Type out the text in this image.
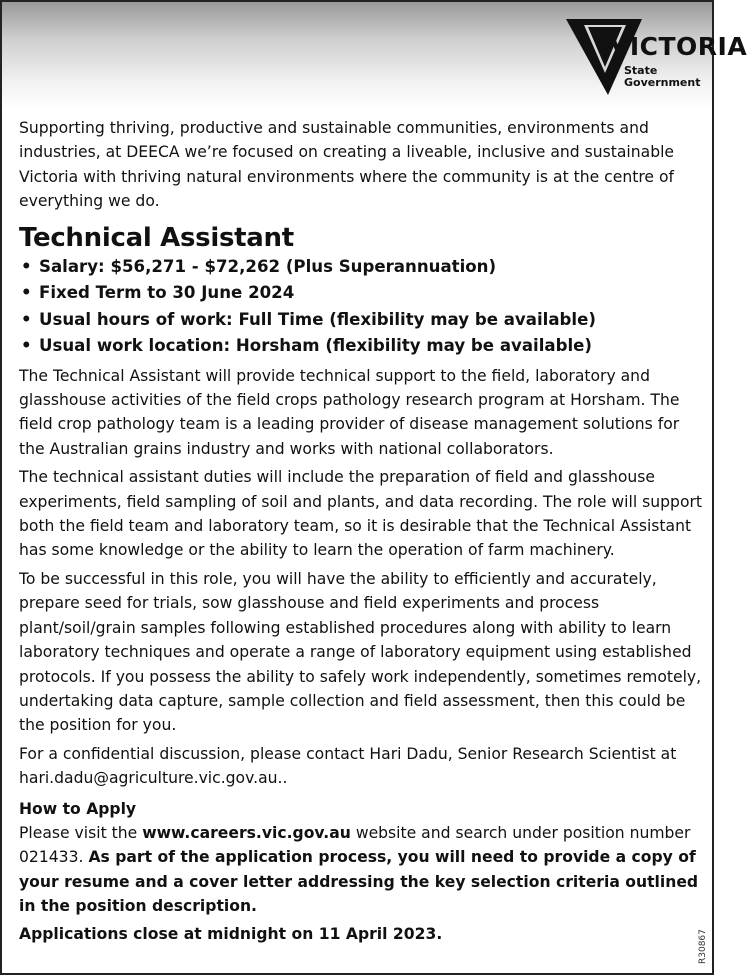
VICTORIA
State
Government

Supporting thriving, productive and sustainable communities, environments and industries, at DEECA we’re focused on creating a liveable, inclusive and sustainable Victoria with thriving natural environments where the community is at the centre of everything we do.

Technical Assistant
• Salary: $56,271 - $72,262 (Plus Superannuation)
• Fixed Term to 30 June 2024
• Usual hours of work: Full Time (flexibility may be available)
• Usual work location: Horsham (flexibility may be available)

The Technical Assistant will provide technical support to the field, laboratory and glasshouse activities of the field crops pathology research program at Horsham. The field crop pathology team is a leading provider of disease management solutions for the Australian grains industry and works with national collaborators.

The technical assistant duties will include the preparation of field and glasshouse experiments, field sampling of soil and plants, and data recording. The role will support both the field team and laboratory team, so it is desirable that the Technical Assistant has some knowledge or the ability to learn the operation of farm machinery.

To be successful in this role, you will have the ability to efficiently and accurately, prepare seed for trials, sow glasshouse and field experiments and process plant/soil/grain samples following established procedures along with ability to learn laboratory techniques and operate a range of laboratory equipment using established protocols. If you possess the ability to safely work independently, sometimes remotely, undertaking data capture, sample collection and field assessment, then this could be the position for you.

For a confidential discussion, please contact Hari Dadu, Senior Research Scientist at hari.dadu@agriculture.vic.gov.au..

How to Apply

Please visit the www.careers.vic.gov.au website and search under position number 021433. As part of the application process, you will need to provide a copy of your resume and a cover letter addressing the key selection criteria outlined in the position description.

Applications close at midnight on 11 April 2023.	R30867
